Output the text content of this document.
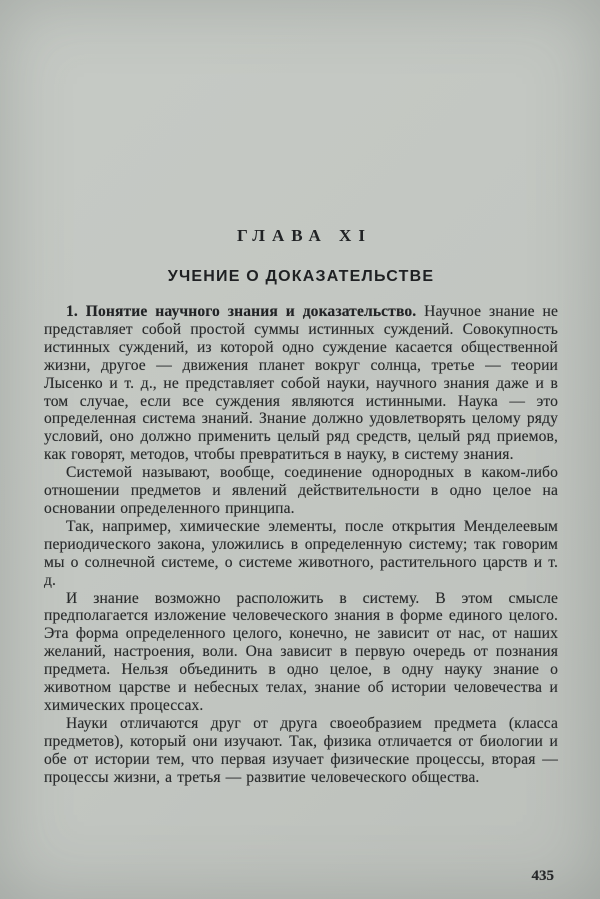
ГЛАВА XI
УЧЕНИЕ О ДОКАЗАТЕЛЬСТВЕ

1. Понятие научного знания и доказательство. Научное знание не представляет собой простой суммы истинных суждений. Совокупность истинных суждений, из которой одно суждение касается общественной жизни, другое — движения планет вокруг солнца, третье — теории Лысенко и т. д., не представляет собой науки, научного знания даже и в том случае, если все суждения являются истинными. Наука — это определенная система знаний. Знание должно удовлетворять целому ряду условий, оно должно применить целый ряд средств, целый ряд приемов, как говорят, методов, чтобы превратиться в науку, в систему знания.

Системой называют, вообще, соединение однородных в каком-либо отношении предметов и явлений действительности в одно целое на основании определенного принципа.

Так, например, химические элементы, после открытия Менделеевым периодического закона, уложились в определенную систему; так говорим мы о солнечной системе, о системе животного, растительного царств и т. д.

И знание возможно расположить в систему. В этом смысле предполагается изложение человеческого знания в форме единого целого. Эта форма определенного целого, конечно, не зависит от нас, от наших желаний, настроения, воли. Она зависит в первую очередь от познания предмета. Нельзя объединить в одно целое, в одну науку знание о животном царстве и небесных телах, знание об истории человечества и химических процессах.

Науки отличаются друг от друга своеобразием предмета (класса предметов), который они изучают. Так, физика отличается от биологии и обе от истории тем, что первая изучает физические процессы, вторая — процессы жизни, а третья — развитие человеческого общества.

435
